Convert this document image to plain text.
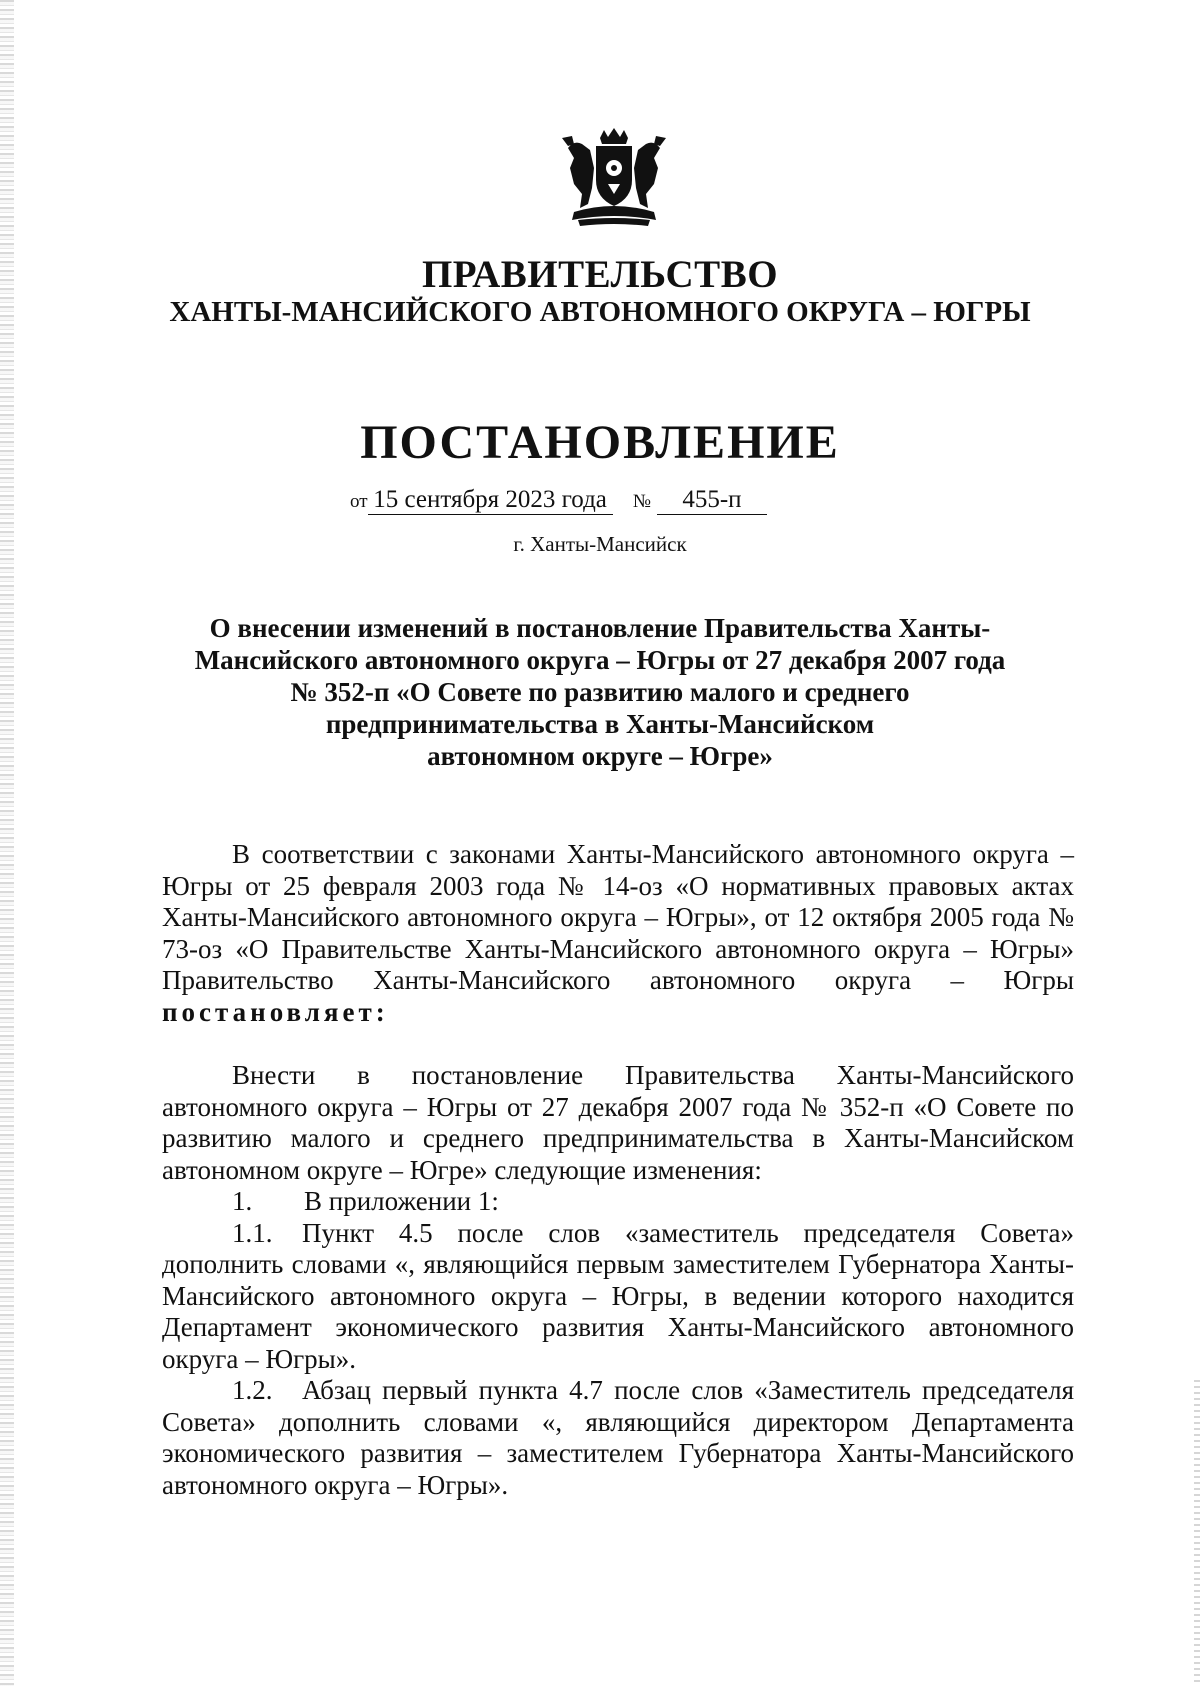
ПРАВИТЕЛЬСТВО
ХАНТЫ-МАНСИЙСКОГО АВТОНОМНОГО ОКРУГА – ЮГРЫ
ПОСТАНОВЛЕНИЕ
от 15 сентября 2023 года № 455-п
г. Ханты-Мансийск
О внесении изменений в постановление Правительства Ханты-
Мансийского автономного округа – Югры от 27 декабря 2007 года
№ 352-п «О Совете по развитию малого и среднего
предпринимательства в Ханты-Мансийском
автономном округе – Югре»

В соответствии с законами Ханты-Мансийского автономного округа – Югры от 25 февраля 2003 года № 14-оз «О нормативных правовых актах Ханты-Мансийского автономного округа – Югры», от 12 октября 2005 года № 73-оз «О Правительстве Ханты-Мансийского автономного округа – Югры» Правительство Ханты-Мансийского автономного округа – Югры постановляет:

Внести в постановление Правительства Ханты-Мансийского автономного округа – Югры от 27 декабря 2007 года № 352-п «О Совете по развитию малого и среднего предпринимательства в Ханты-Мансийском автономном округе – Югре» следующие изменения:

1. В приложении 1:

1.1. Пункт 4.5 после слов «заместитель председателя Совета» дополнить словами «, являющийся первым заместителем Губернатора Ханты-Мансийского автономного округа – Югры, в ведении которого находится Департамент экономического развития Ханты-Мансийского автономного округа – Югры».

1.2. Абзац первый пункта 4.7 после слов «Заместитель председателя Совета» дополнить словами «, являющийся директором Департамента экономического развития – заместителем Губернатора Ханты-Мансийского автономного округа – Югры».
